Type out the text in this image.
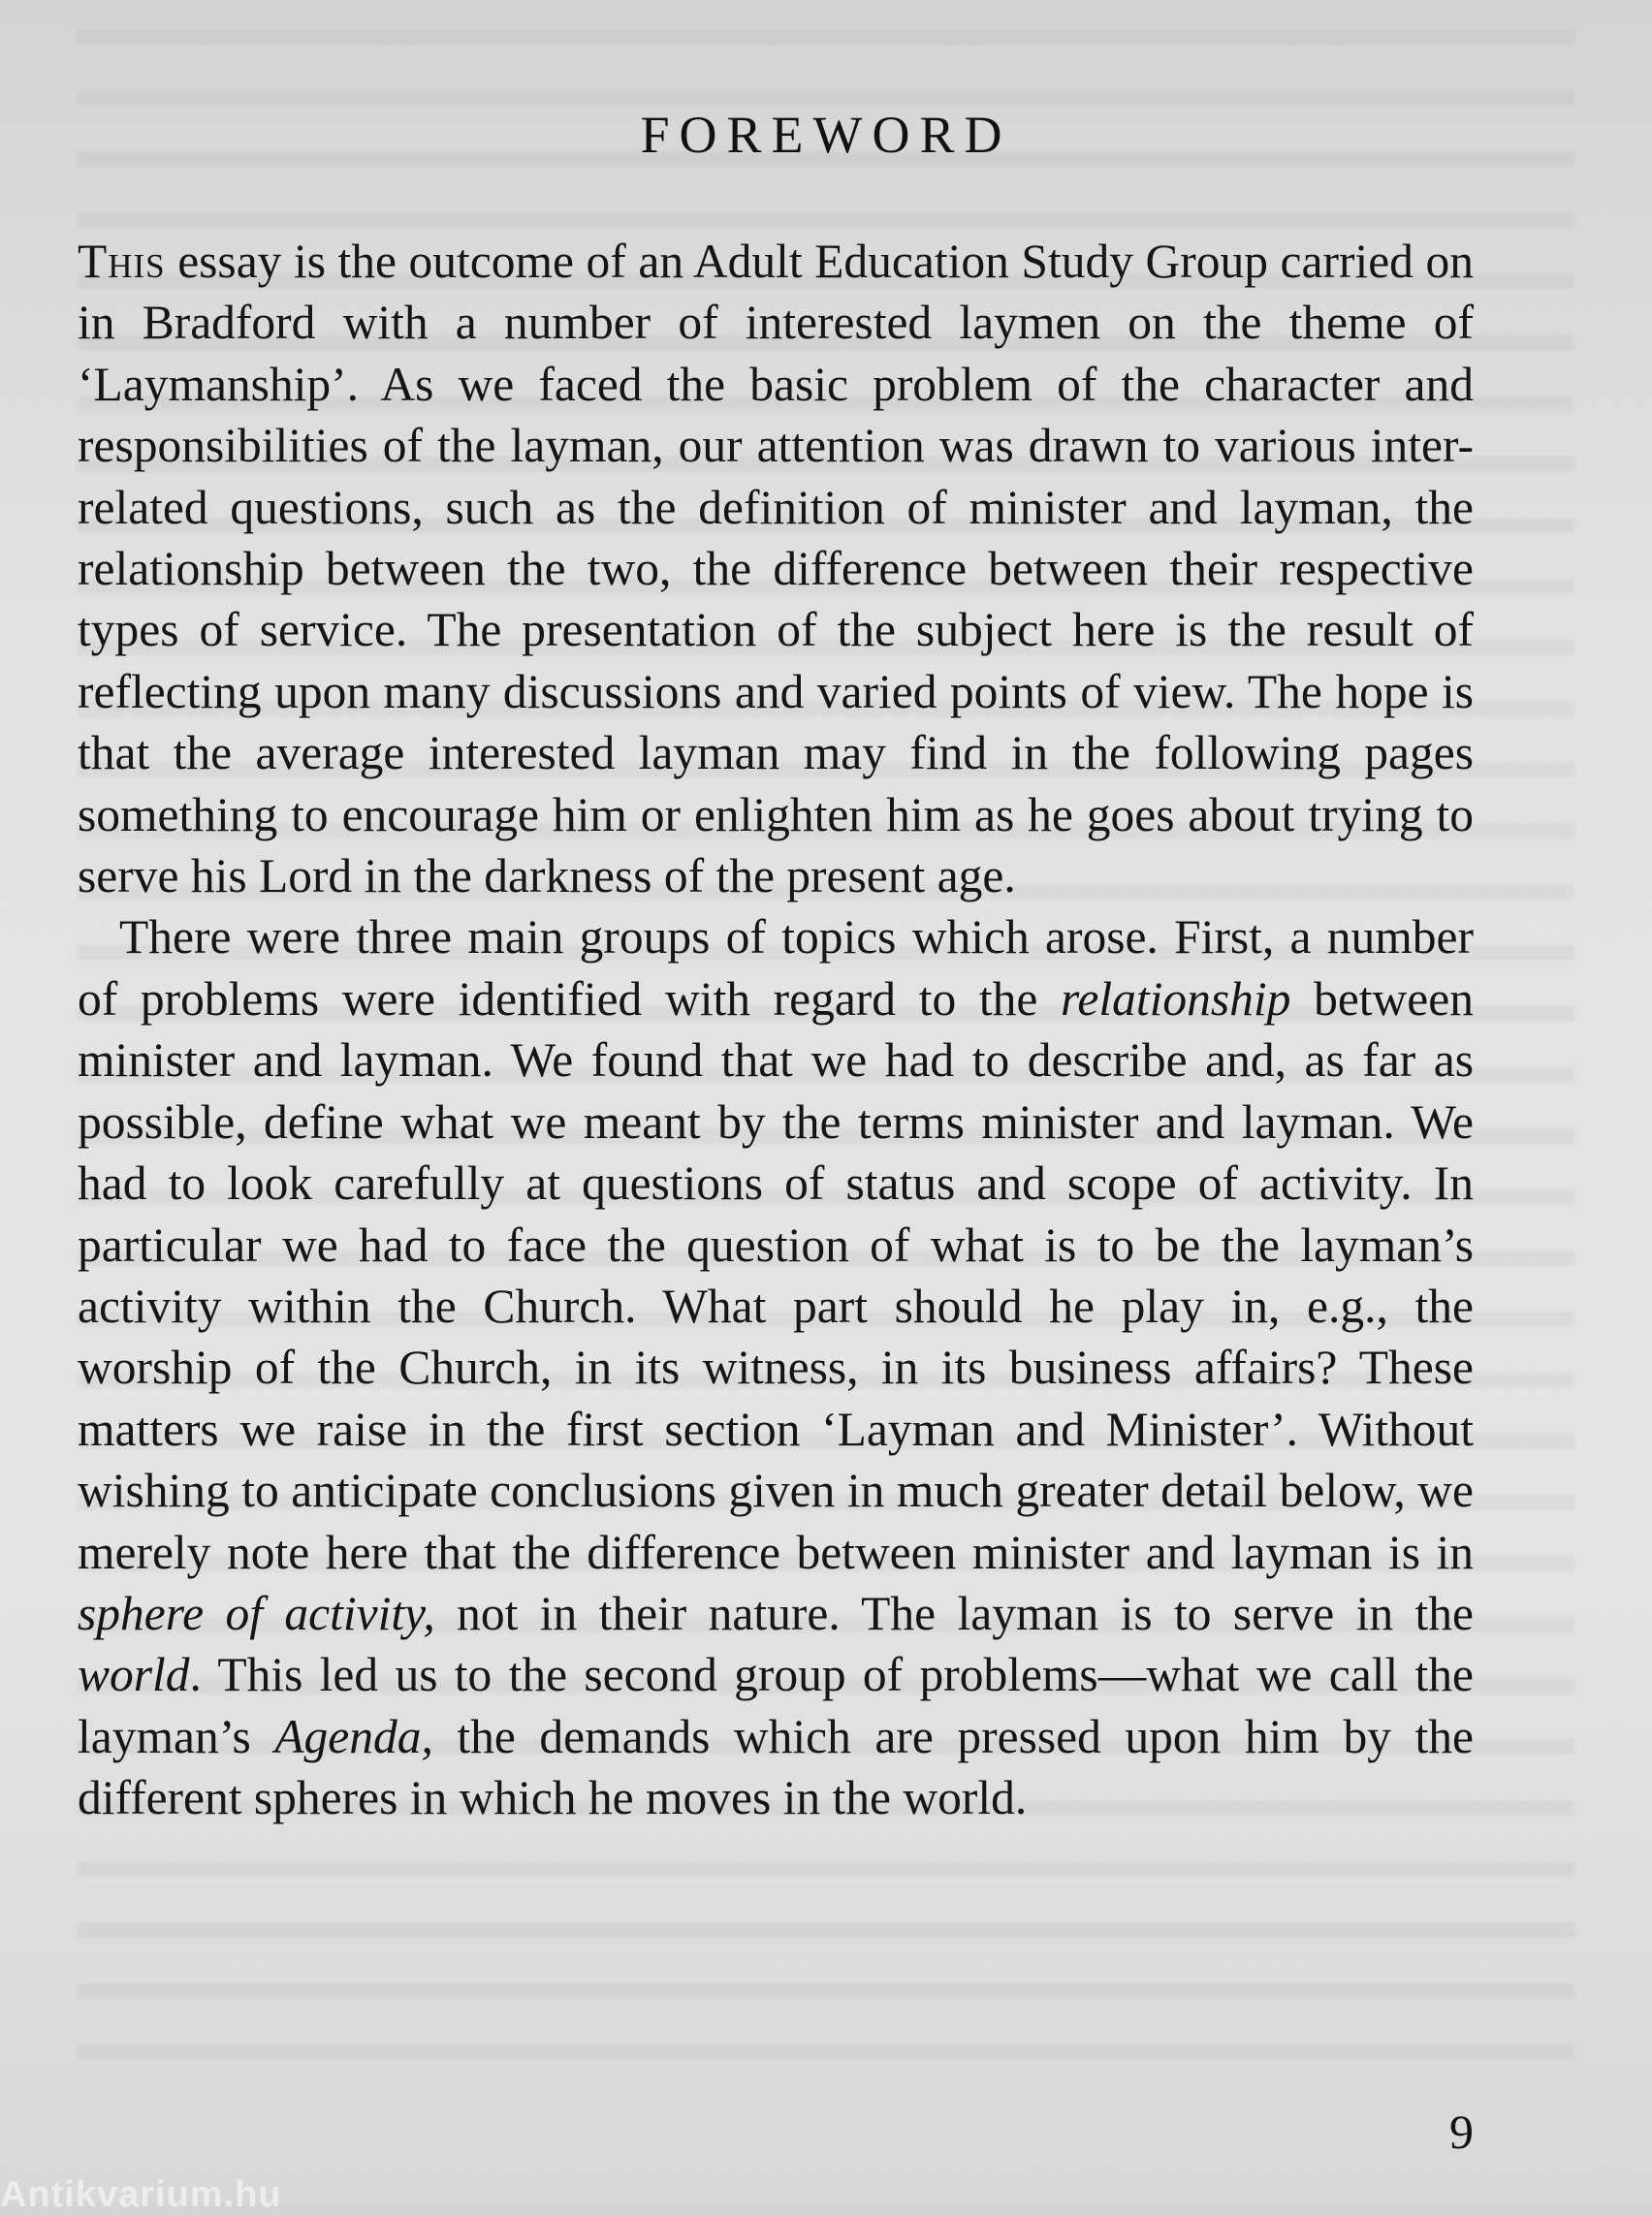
FOREWORD

This essay is the outcome of an Adult Education Study Group carried on in Bradford with a number of interested laymen on the theme of ‘Laymanship’. As we faced the basic problem of the character and responsibilities of the layman, our attention was drawn to various inter-related questions, such as the definition of minister and layman, the relationship between the two, the difference between their respective types of service. The presentation of the subject here is the result of reflecting upon many discussions and varied points of view. The hope is that the average interested layman may find in the following pages something to encourage him or enlighten him as he goes about trying to serve his Lord in the darkness of the present age.

There were three main groups of topics which arose. First, a number of problems were identified with regard to the relationship between minister and layman. We found that we had to describe and, as far as possible, define what we meant by the terms minister and layman. We had to look carefully at questions of status and scope of activity. In particular we had to face the question of what is to be the layman’s activity within the Church. What part should he play in, e.g., the worship of the Church, in its witness, in its business affairs? These matters we raise in the first section ‘Layman and Minister’. Without wishing to anticipate conclusions given in much greater detail below, we merely note here that the difference between minister and layman is in sphere of activity, not in their nature. The layman is to serve in the world. This led us to the second group of problems—what we call the layman’s Agenda, the demands which are pressed upon him by the different spheres in which he moves in the world.

9
Antikvarium.hu
